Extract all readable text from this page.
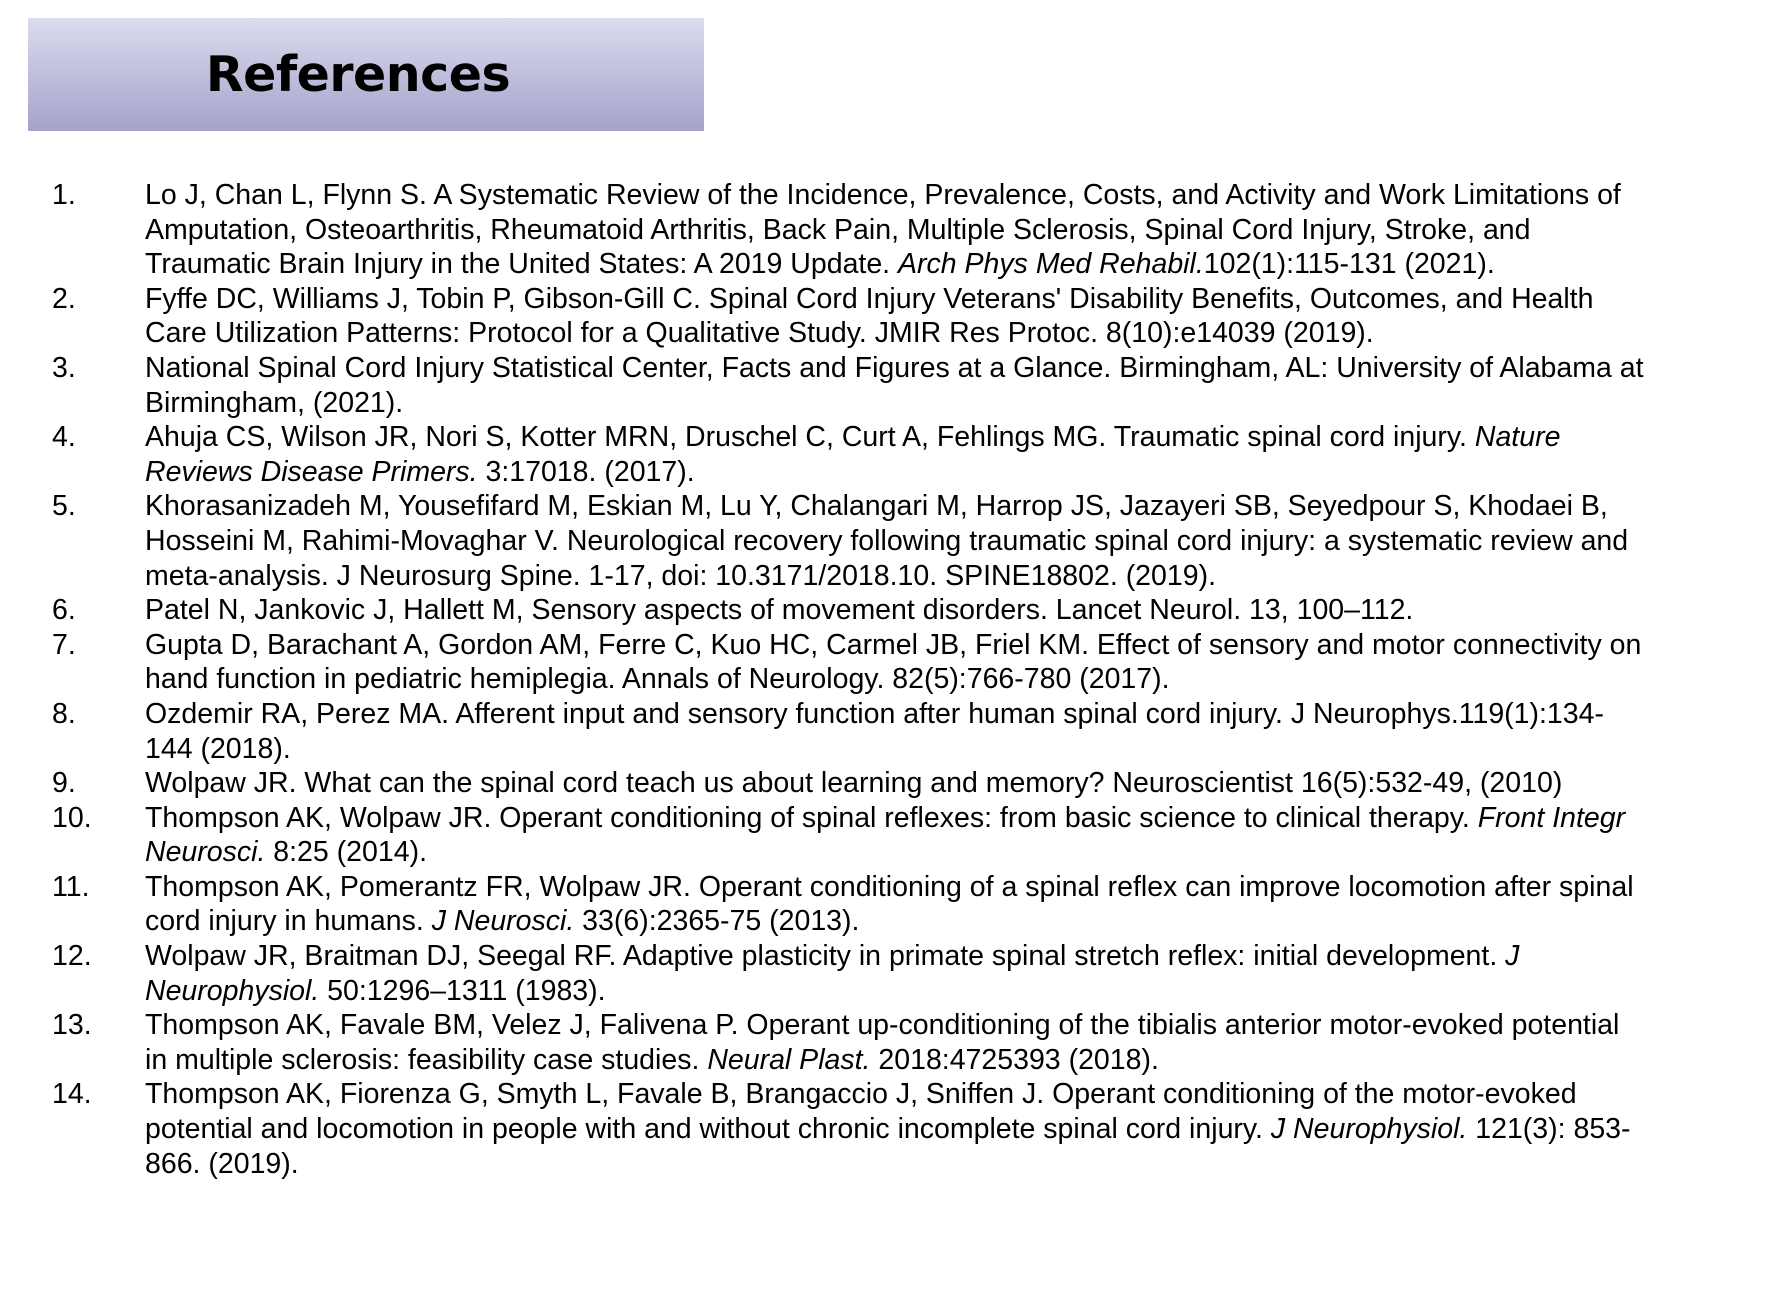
References
1.	Lo J, Chan L, Flynn S. A Systematic Review of the Incidence, Prevalence, Costs, and Activity and Work Limitations of Amputation, Osteoarthritis, Rheumatoid Arthritis, Back Pain, Multiple Sclerosis, Spinal Cord Injury, Stroke, and Traumatic Brain Injury in the United States: A 2019 Update. Arch Phys Med Rehabil.102(1):115-131 (2021).
2.	Fyffe DC, Williams J, Tobin P, Gibson-Gill C. Spinal Cord Injury Veterans' Disability Benefits, Outcomes, and Health Care Utilization Patterns: Protocol for a Qualitative Study. JMIR Res Protoc. 8(10):e14039 (2019).
3.	National Spinal Cord Injury Statistical Center, Facts and Figures at a Glance. Birmingham, AL: University of Alabama at Birmingham, (2021).
4.	Ahuja CS, Wilson JR, Nori S, Kotter MRN, Druschel C, Curt A, Fehlings MG. Traumatic spinal cord injury. Nature Reviews Disease Primers. 3:17018. (2017).
5.	Khorasanizadeh M, Yousefifard M, Eskian M, Lu Y, Chalangari M, Harrop JS, Jazayeri SB, Seyedpour S, Khodaei B, Hosseini M, Rahimi-Movaghar V. Neurological recovery following traumatic spinal cord injury: a systematic review and meta-analysis. J Neurosurg Spine. 1-17, doi: 10.3171/2018.10. SPINE18802. (2019).
6.	Patel N, Jankovic J, Hallett M, Sensory aspects of movement disorders. Lancet Neurol. 13, 100–112.
7.	Gupta D, Barachant A, Gordon AM, Ferre C, Kuo HC, Carmel JB, Friel KM. Effect of sensory and motor connectivity on hand function in pediatric hemiplegia. Annals of Neurology. 82(5):766-780 (2017).
8.	Ozdemir RA, Perez MA. Afferent input and sensory function after human spinal cord injury. J Neurophys.119(1):134-144 (2018).
9.	Wolpaw JR. What can the spinal cord teach us about learning and memory? Neuroscientist 16(5):532-49, (2010)
10.	Thompson AK, Wolpaw JR. Operant conditioning of spinal reflexes: from basic science to clinical therapy. Front Integr Neurosci. 8:25 (2014).
11.	Thompson AK, Pomerantz FR, Wolpaw JR. Operant conditioning of a spinal reflex can improve locomotion after spinal cord injury in humans. J Neurosci. 33(6):2365-75 (2013).
12.	Wolpaw JR, Braitman DJ, Seegal RF. Adaptive plasticity in primate spinal stretch reflex: initial development. J Neurophysiol. 50:1296–1311 (1983).
13.	Thompson AK, Favale BM, Velez J, Falivena P. Operant up-conditioning of the tibialis anterior motor-evoked potential in multiple sclerosis: feasibility case studies. Neural Plast. 2018:4725393 (2018).
14.	Thompson AK, Fiorenza G, Smyth L, Favale B, Brangaccio J, Sniffen J. Operant conditioning of the motor-evoked potential and locomotion in people with and without chronic incomplete spinal cord injury. J Neurophysiol. 121(3): 853-866. (2019).
